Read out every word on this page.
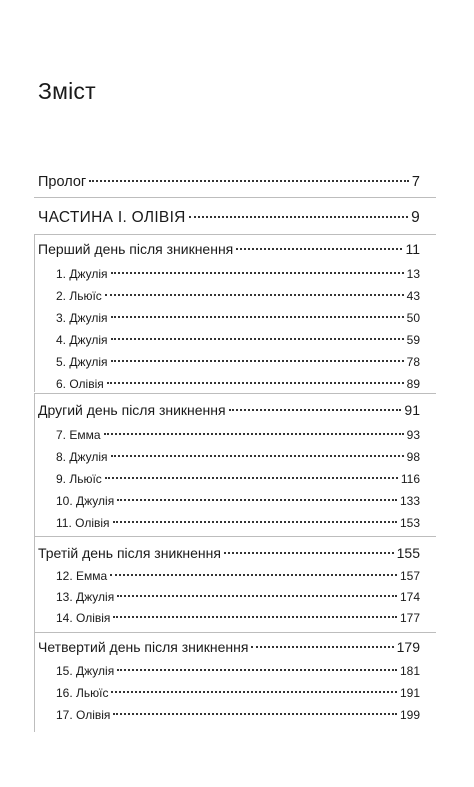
Зміст
Пролог	7
ЧАСТИНА І. ОЛІВІЯ	9
Перший день після зникнення	11
1. Джулія	13
2. Льюїс	43
3. Джулія	50
4. Джулія	59
5. Джулія	78
6. Олівія	89
Другий день після зникнення	91
7. Емма	93
8. Джулія	98
9. Льюїс	116
10. Джулія	133
11. Олівія	153
Третій день після зникнення	155
12. Емма	157
13. Джулія	174
14. Олівія	177
Четвертий день після зникнення	179
15. Джулія	181
16. Льюїс	191
17. Олівія	199
